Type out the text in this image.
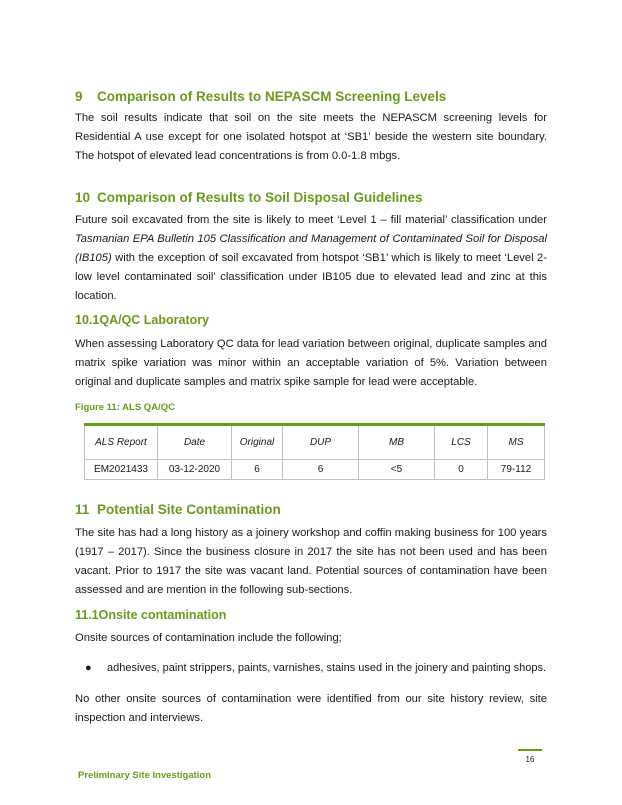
9 Comparison of Results to NEPASCM Screening Levels
The soil results indicate that soil on the site meets the NEPASCM screening levels for Residential A use except for one isolated hotspot at ‘SB1’ beside the western site boundary. The hotspot of elevated lead concentrations is from 0.0-1.8 mbgs.
10 Comparison of Results to Soil Disposal Guidelines
Future soil excavated from the site is likely to meet ‘Level 1 – fill material’ classification under Tasmanian EPA Bulletin 105 Classification and Management of Contaminated Soil for Disposal (IB105) with the exception of soil excavated from hotspot ‘SB1’ which is likely to meet ‘Level 2- low level contaminated soil’ classification under IB105 due to elevated lead and zinc at this location.
10.1QA/QC Laboratory
When assessing Laboratory QC data for lead variation between original, duplicate samples and matrix spike variation was minor within an acceptable variation of 5%. Variation between original and duplicate samples and matrix spike sample for lead were acceptable.
Figure 11: ALS QA/QC
ALS Report	Date	Original	DUP	MB	LCS	MS
EM2021433	03-12-2020	6	6	<5	0	79-112
11 Potential Site Contamination
The site has had a long history as a joinery workshop and coffin making business for 100 years (1917 – 2017). Since the business closure in 2017 the site has not been used and has been vacant. Prior to 1917 the site was vacant land. Potential sources of contamination have been assessed and are mention in the following sub-sections.
11.1Onsite contamination
Onsite sources of contamination include the following;
● adhesives, paint strippers, paints, varnishes, stains used in the joinery and painting shops.
No other onsite sources of contamination were identified from our site history review, site inspection and interviews.
16
Preliminary Site Investigation
